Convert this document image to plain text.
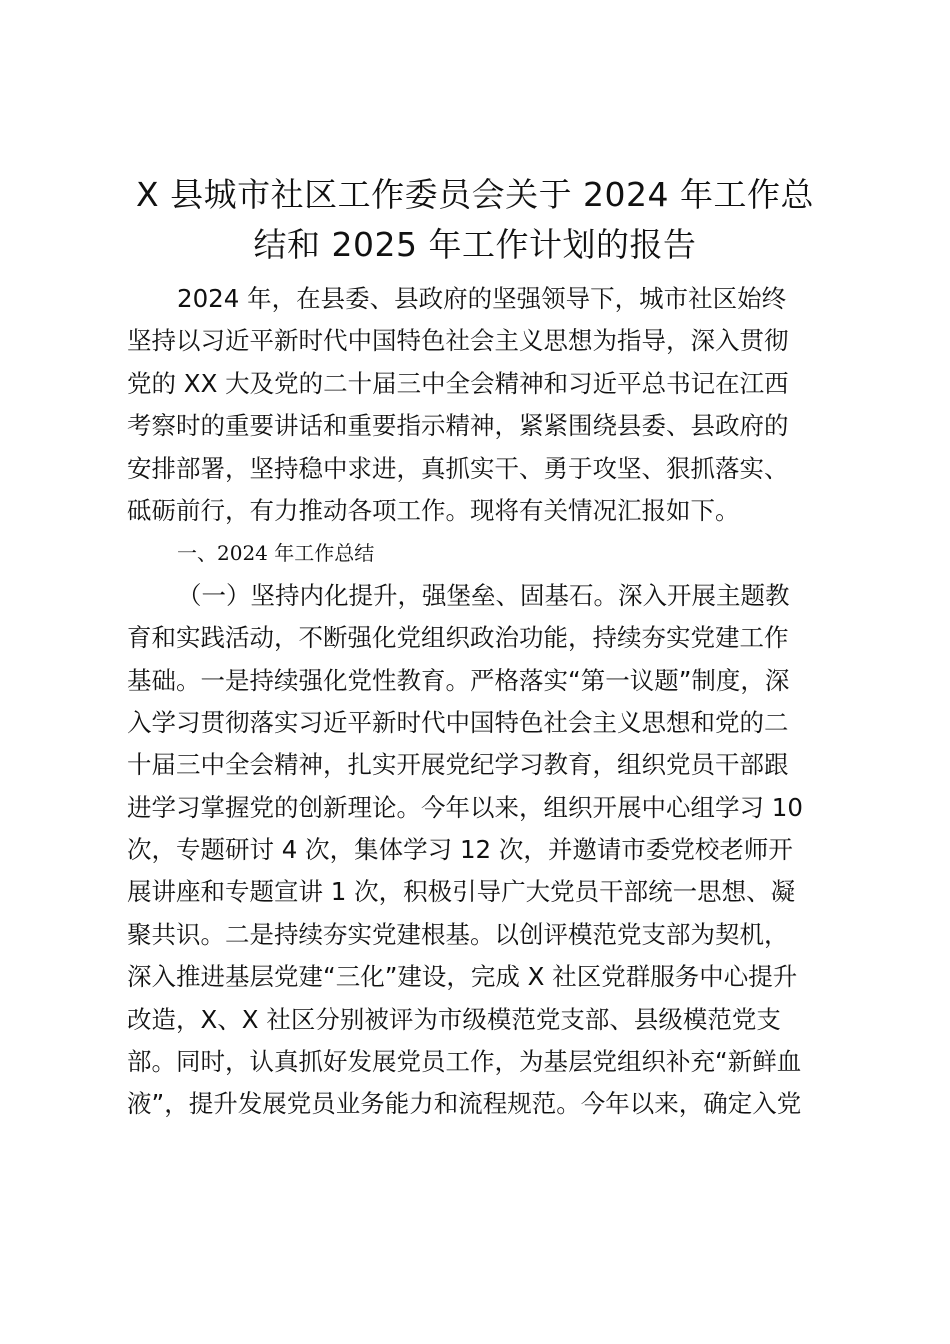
X 县城市社区工作委员会关于 2024 年工作总
结和 2025 年工作计划的报告
2024 年，在县委、县政府的坚强领导下，城市社区始终
坚持以习近平新时代中国特色社会主义思想为指导，深入贯彻
党的 XX 大及党的二十届三中全会精神和习近平总书记在江西
考察时的重要讲话和重要指示精神，紧紧围绕县委、县政府的
安排部署，坚持稳中求进，真抓实干、勇于攻坚、狠抓落实、
砥砺前行，有力推动各项工作。现将有关情况汇报如下。
一、2024 年工作总结
（一）坚持内化提升，强堡垒、固基石。深入开展主题教
育和实践活动，不断强化党组织政治功能，持续夯实党建工作
基础。一是持续强化党性教育。严格落实“第一议题”制度，深
入学习贯彻落实习近平新时代中国特色社会主义思想和党的二
十届三中全会精神，扎实开展党纪学习教育，组织党员干部跟
进学习掌握党的创新理论。今年以来，组织开展中心组学习 10
次，专题研讨 4 次，集体学习 12 次，并邀请市委党校老师开
展讲座和专题宣讲 1 次，积极引导广大党员干部统一思想、凝
聚共识。二是持续夯实党建根基。以创评模范党支部为契机，
深入推进基层党建“三化”建设，完成 X 社区党群服务中心提升
改造，X、X 社区分别被评为市级模范党支部、县级模范党支
部。同时，认真抓好发展党员工作，为基层党组织补充“新鲜血
液”，提升发展党员业务能力和流程规范。今年以来，确定入党
